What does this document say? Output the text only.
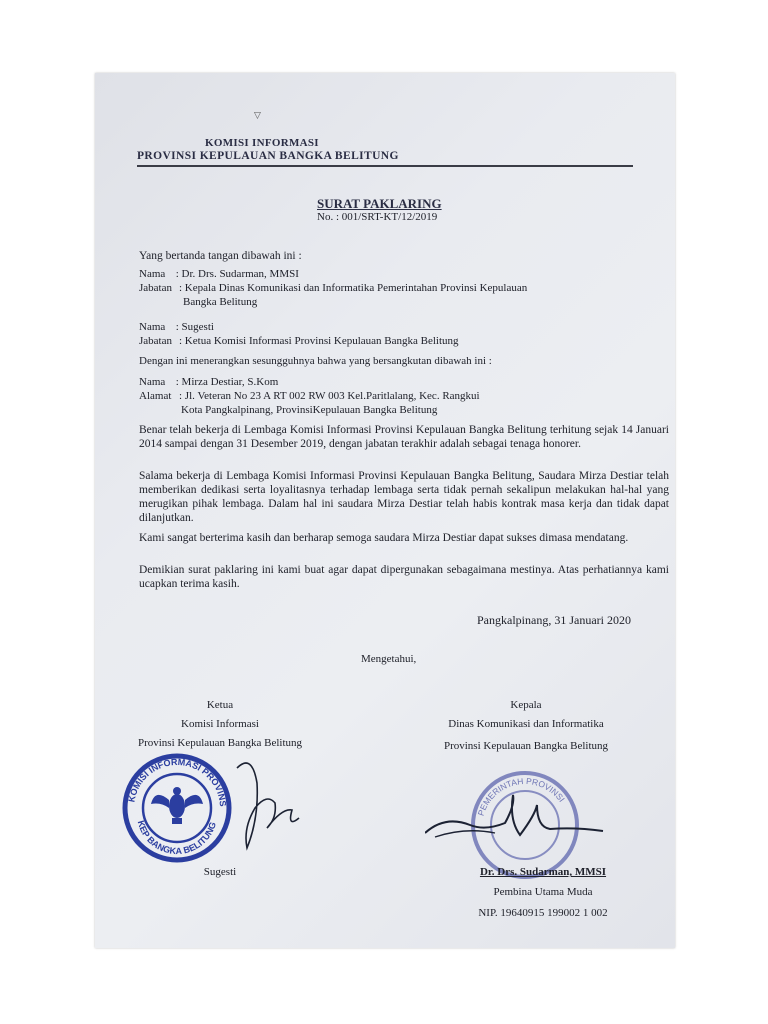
▽
KOMISI INFORMASI
PROVINSI KEPULAUAN BANGKA BELITUNG
SURAT PAKLARING
No. : 001/SRT-KT/12/2019
Yang bertanda tangan dibawah ini :
Nama : Dr. Drs. Sudarman, MMSI
Jabatan : Kepala Dinas Komunikasi dan Informatika Pemerintahan Provinsi Kepulauan
Bangka Belitung
Nama : Sugesti
Jabatan : Ketua Komisi Informasi Provinsi Kepulauan Bangka Belitung
Dengan ini menerangkan sesungguhnya bahwa yang bersangkutan dibawah ini :
Nama : Mirza Destiar, S.Kom
Alamat : Jl. Veteran No 23 A RT 002 RW 003 Kel.Paritlalang, Kec. Rangkui
Kota Pangkalpinang, ProvinsiKepulauan Bangka Belitung
Benar telah bekerja di Lembaga Komisi Informasi Provinsi Kepulauan Bangka Belitung terhitung sejak 14 Januari 2014 sampai dengan 31 Desember 2019, dengan jabatan terakhir adalah sebagai tenaga honorer.
Salama bekerja di Lembaga Komisi Informasi Provinsi Kepulauan Bangka Belitung, Saudara Mirza Destiar telah memberikan dedikasi serta loyalitasnya terhadap lembaga serta tidak pernah sekalipun melakukan hal-hal yang merugikan pihak lembaga. Dalam hal ini saudara Mirza Destiar telah habis kontrak masa kerja dan tidak dapat dilanjutkan.
Kami sangat berterima kasih dan berharap semoga saudara Mirza Destiar dapat sukses dimasa mendatang.
Demikian surat paklaring ini kami buat agar dapat dipergunakan sebagaimana mestinya. Atas perhatiannya kami ucapkan terima kasih.
Pangkalpinang, 31 Januari 2020
Mengetahui,
Ketua
Komisi Informasi
Provinsi Kepulauan Bangka Belitung
KOMISI INFORMASI PROVINS
KEP BANGKA BELITUNG
Sugesti
Kepala
Dinas Komunikasi dan Informatika
Provinsi Kepulauan Bangka Belitung
PEMERINTAH PROVINSI
Dr. Drs. Sudarman, MMSI
Pembina Utama Muda
NIP. 19640915 199002 1 002
